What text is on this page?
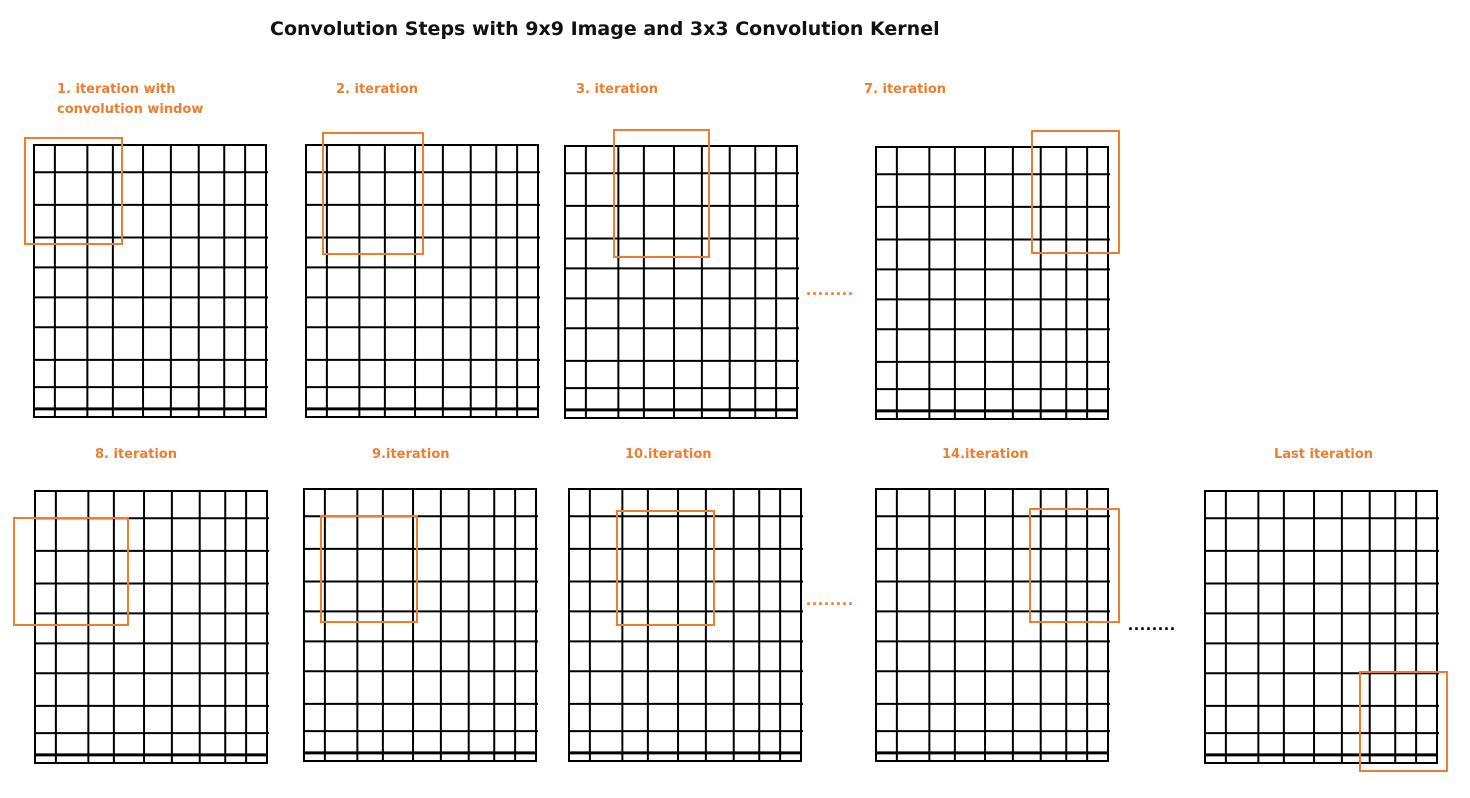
Convolution Steps with 9x9 Image and 3x3 Convolution Kernel
1. iteration with
convolution window
2. iteration	3. iteration	7. iteration
8. iteration	9.iteration	10.iteration	14.iteration	Last iteration
........
........
........
